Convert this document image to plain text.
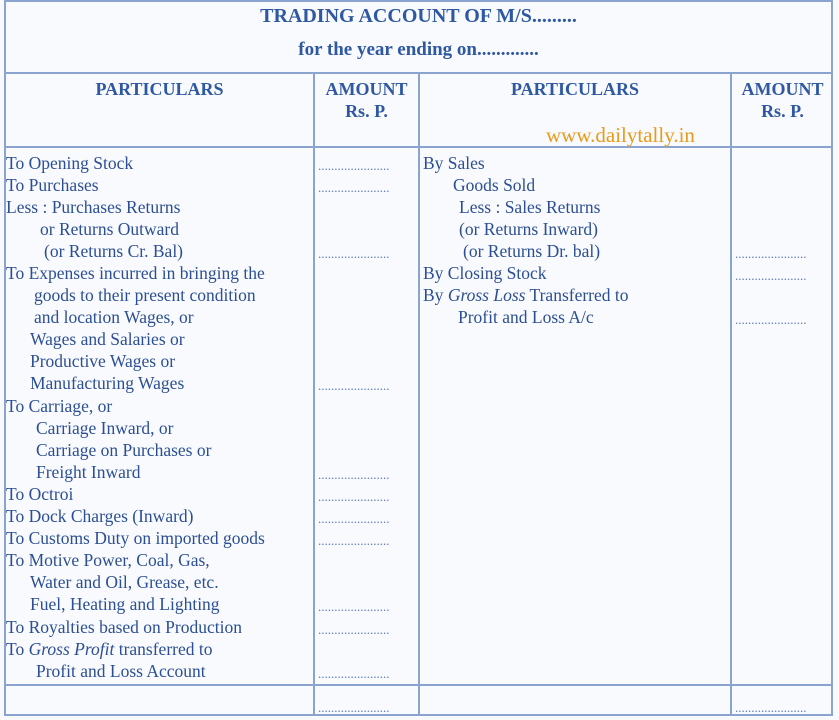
TRADING ACCOUNT OF M/S.........
for the year ending on.............
PARTICULARS	AMOUNT
Rs. P.
PARTICULARS	AMOUNT
Rs. P.
www.dailytally.in
To Opening Stock
To Purchases
Less : Purchases Returns
or Returns Outward
(or Returns Cr. Bal)
To Expenses incurred in bringing the
goods to their present condition
and location Wages, or
Wages and Salaries or
Productive Wages or
Manufacturing Wages
To Carriage, or
Carriage Inward, or
Carriage on Purchases or
Freight Inward
To Octroi
To Dock Charges (Inward)
To Customs Duty on imported goods
To Motive Power, Coal, Gas,
Water and Oil, Grease, etc.
Fuel, Heating and Lighting
To Royalties based on Production
To Gross Profit transferred to
Profit and Loss Account
......................
......................
......................
......................
......................
......................
......................
......................
......................
......................
......................
......................
By Sales
Goods Sold
Less : Sales Returns
(or Returns Inward)
(or Returns Dr. bal)
By Closing Stock
By Gross Loss Transferred to
Profit and Loss A/c
......................
......................
......................
......................
